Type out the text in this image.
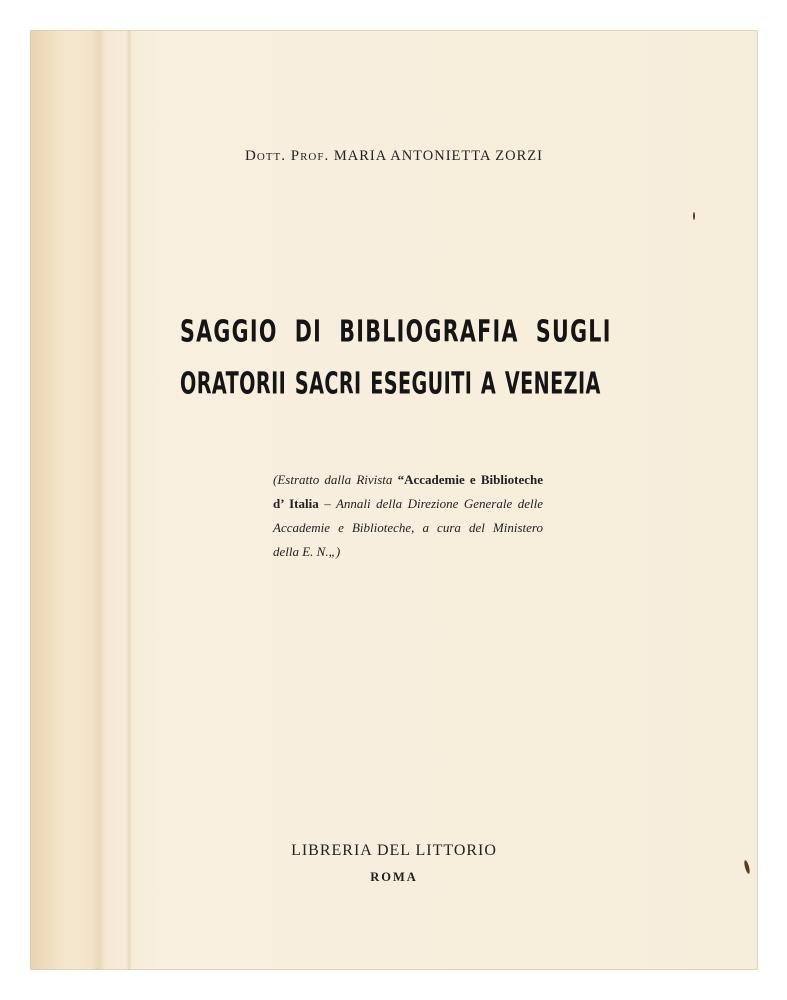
Dott. Prof. MARIA ANTONIETTA ZORZI
SAGGIO DI BIBLIOGRAFIA SUGLI
ORATORII SACRI ESEGUITI A VENEZIA
(Estratto dalla Rivista “Accademie e Biblioteche d’ Italia – Annali della Direzione Generale delle Accademie e Biblioteche, a cura del Ministero della E. N.„)
LIBRERIA DEL LITTORIO
ROMA
